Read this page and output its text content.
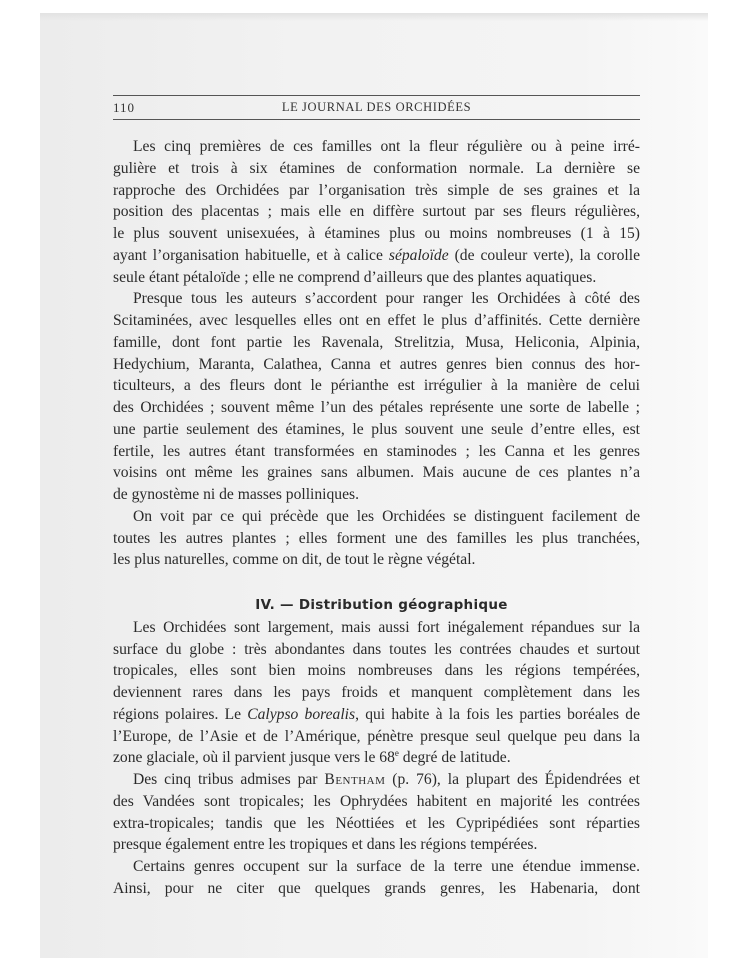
110	LE JOURNAL DES ORCHIDÉES
Les cinq premières de ces familles ont la fleur régulière ou à peine irré-
gulière et trois à six étamines de conformation normale. La dernière se
rapproche des Orchidées par l’organisation très simple de ses graines et la
position des placentas ; mais elle en diffère surtout par ses fleurs régulières,
le plus souvent unisexuées, à étamines plus ou moins nombreuses (1 à 15)
ayant l’organisation habituelle, et à calice sépaloïde (de couleur verte), la corolle
seule étant pétaloïde ; elle ne comprend d’ailleurs que des plantes aquatiques.
Presque tous les auteurs s’accordent pour ranger les Orchidées à côté des
Scitaminées, avec lesquelles elles ont en effet le plus d’affinités. Cette dernière
famille, dont font partie les Ravenala, Strelitzia, Musa, Heliconia, Alpinia,
Hedychium, Maranta, Calathea, Canna et autres genres bien connus des hor-
ticulteurs, a des fleurs dont le périanthe est irrégulier à la manière de celui
des Orchidées ; souvent même l’un des pétales représente une sorte de labelle ;
une partie seulement des étamines, le plus souvent une seule d’entre elles, est
fertile, les autres étant transformées en staminodes ; les Canna et les genres
voisins ont même les graines sans albumen. Mais aucune de ces plantes n’a
de gynostème ni de masses polliniques.
On voit par ce qui précède que les Orchidées se distinguent facilement de
toutes les autres plantes ; elles forment une des familles les plus tranchées,
les plus naturelles, comme on dit, de tout le règne végétal.
IV. — Distribution géographique
Les Orchidées sont largement, mais aussi fort inégalement répandues sur la
surface du globe : très abondantes dans toutes les contrées chaudes et surtout
tropicales, elles sont bien moins nombreuses dans les régions tempérées,
deviennent rares dans les pays froids et manquent complètement dans les
régions polaires. Le Calypso borealis, qui habite à la fois les parties boréales de
l’Europe, de l’Asie et de l’Amérique, pénètre presque seul quelque peu dans la
zone glaciale, où il parvient jusque vers le 68e degré de latitude.
Des cinq tribus admises par Bentham (p. 76), la plupart des Épidendrées et
des Vandées sont tropicales; les Ophrydées habitent en majorité les contrées
extra-tropicales; tandis que les Néottiées et les Cypripédiées sont réparties
presque également entre les tropiques et dans les régions tempérées.
Certains genres occupent sur la surface de la terre une étendue immense.
Ainsi, pour ne citer que quelques grands genres, les Habenaria, dont
